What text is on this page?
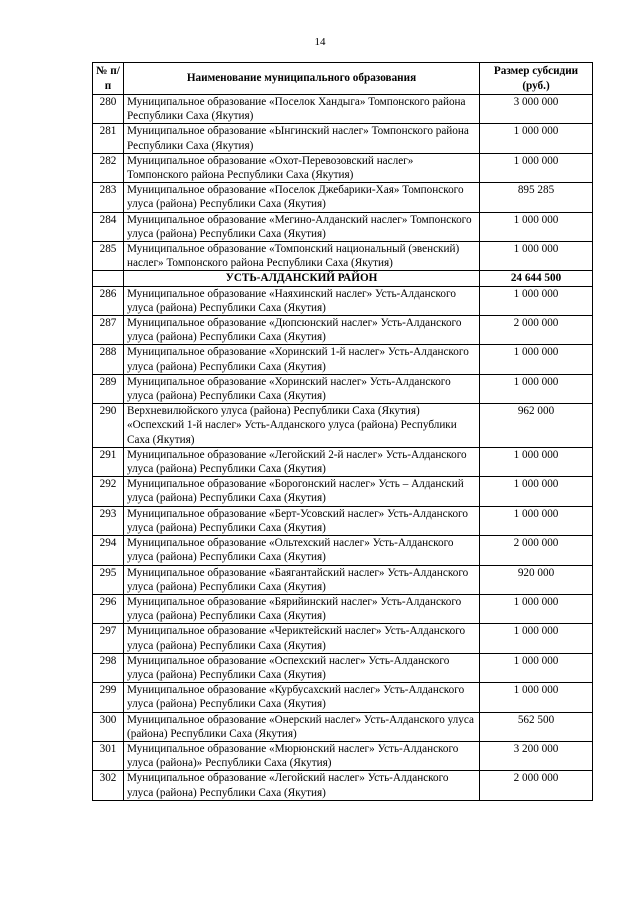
14
№ п/п	Наименование муниципального образования	Размер субсидии (руб.)
280	Муниципальное образование «Поселок Хандыга» Томпонского района Республики Саха (Якутия)	3 000 000
281	Муниципальное образование «Ынгинский наслег» Томпонского района Республики Саха (Якутия)	1 000 000
282	Муниципальное образование «Охот-Перевозовский наслег» Томпонского района Республики Саха (Якутия)	1 000 000
283	Муниципальное образование «Поселок Джебарики-Хая» Томпонского улуса (района) Республики Саха (Якутия)	895 285
284	Муниципальное образование «Мегино-Алданский наслег» Томпонского улуса (района) Республики Саха (Якутия)	1 000 000
285	Муниципальное образование «Томпонский национальный (эвенский) наслег» Томпонского района Республики Саха (Якутия)	1 000 000
	УСТЬ-АЛДАНСКИЙ РАЙОН	24 644 500
286	Муниципальное образование «Наяхинский наслег» Усть-Алданского улуса (района) Республики Саха (Якутия)	1 000 000
287	Муниципальное образование «Дюпсюнский наслег» Усть-Алданского улуса (района) Республики Саха (Якутия)	2 000 000
288	Муниципальное образование «Хоринский 1-й наслег» Усть-Алданского улуса (района) Республики Саха (Якутия)	1 000 000
289	Муниципальное образование «Хоринский наслег» Усть-Алданского улуса (района) Республики Саха (Якутия)	1 000 000
290	Верхневилюйского улуса (района) Республики Саха (Якутия) «Оспехский 1-й наслег» Усть-Алданского улуса (района) Республики Саха (Якутия)	962 000
291	Муниципальное образование «Легойский 2-й наслег» Усть-Алданского улуса (района) Республики Саха (Якутия)	1 000 000
292	Муниципальное образование «Борогонский наслег» Усть – Алданский улуса (района) Республики Саха (Якутия)	1 000 000
293	Муниципальное образование «Берт-Усовский наслег» Усть-Алданского улуса (района) Республики Саха (Якутия)	1 000 000
294	Муниципальное образование «Ольтехский наслег» Усть-Алданского улуса (района) Республики Саха (Якутия)	2 000 000
295	Муниципальное образование «Баягантайский наслег» Усть-Алданского улуса (района) Республики Саха (Якутия)	920 000
296	Муниципальное образование «Бярийинский наслег» Усть-Алданского улуса (района) Республики Саха (Якутия)	1 000 000
297	Муниципальное образование «Чериктейский наслег» Усть-Алданского улуса (района) Республики Саха (Якутия)	1 000 000
298	Муниципальное образование «Оспехский наслег» Усть-Алданского улуса (района) Республики Саха (Якутия)	1 000 000
299	Муниципальное образование «Курбусахский наслег» Усть-Алданского улуса (района) Республики Саха (Якутия)	1 000 000
300	Муниципальное образование «Онерский наслег» Усть-Алданского улуса (района) Республики Саха (Якутия)	562 500
301	Муниципальное образование «Мюрюнский наслег» Усть-Алданского улуса (района)» Республики Саха (Якутия)	3 200 000
302	Муниципальное образование «Легойский наслег» Усть-Алданского улуса (района) Республики Саха (Якутия)	2 000 000
